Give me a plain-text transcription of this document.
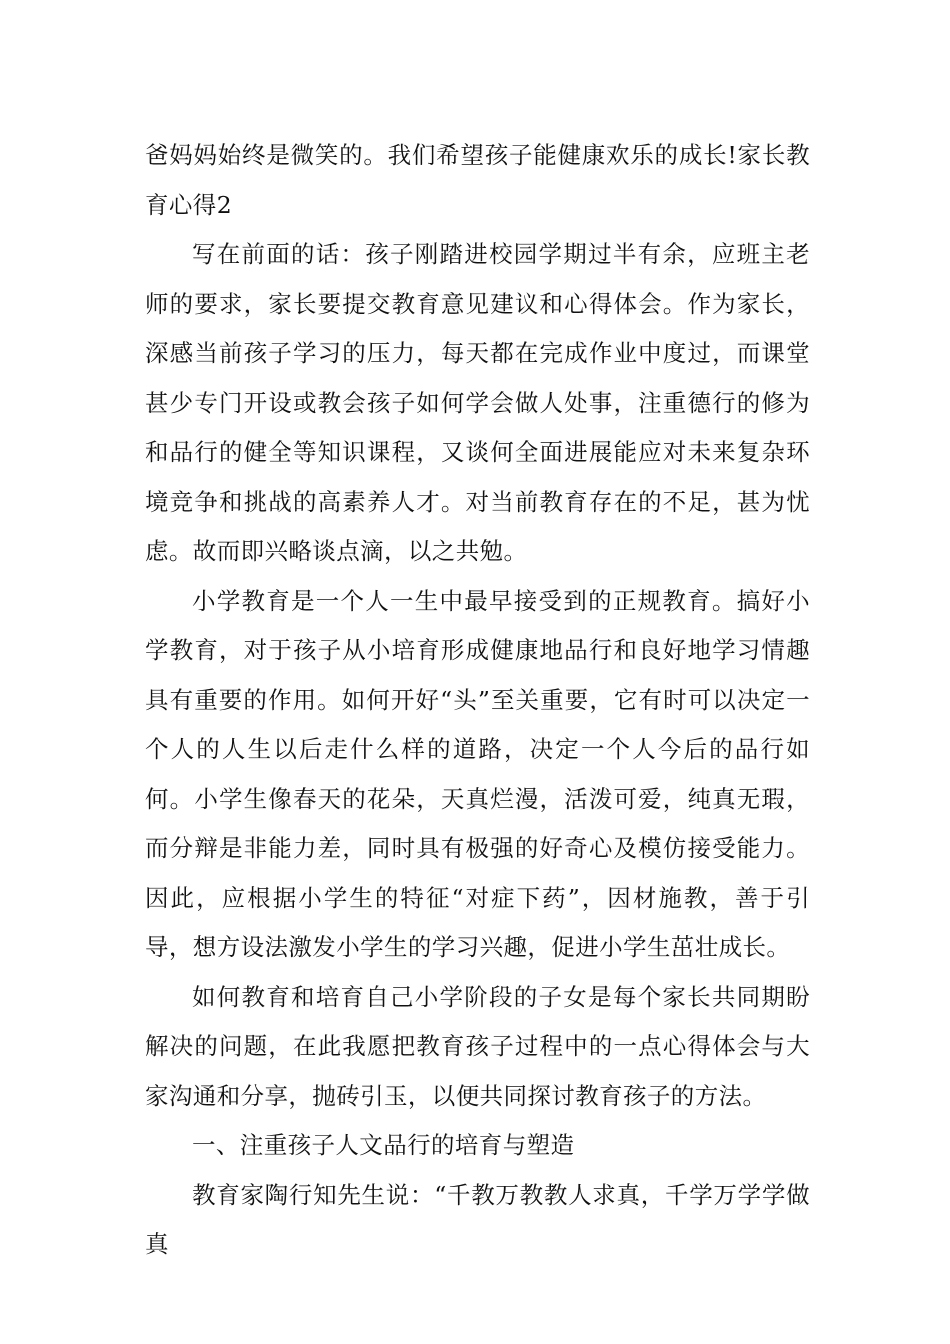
爸妈妈始终是微笑的。我们希望孩子能健康欢乐的成长!家长教育心得2

写在前面的话：孩子刚踏进校园学期过半有余，应班主老师的要求，家长要提交教育意见建议和心得体会。作为家长，深感当前孩子学习的压力，每天都在完成作业中度过，而课堂甚少专门开设或教会孩子如何学会做人处事，注重德行的修为和品行的健全等知识课程，又谈何全面进展能应对未来复杂环境竞争和挑战的高素养人才。对当前教育存在的不足，甚为忧虑。故而即兴略谈点滴，以之共勉。

小学教育是一个人一生中最早接受到的正规教育。搞好小学教育，对于孩子从小培育形成健康地品行和良好地学习情趣具有重要的作用。如何开好“头”至关重要，它有时可以决定一个人的人生以后走什么样的道路，决定一个人今后的品行如何。小学生像春天的花朵，天真烂漫，活泼可爱，纯真无瑕，而分辩是非能力差，同时具有极强的好奇心及模仿接受能力。因此，应根据小学生的特征“对症下药”，因材施教，善于引导，想方设法激发小学生的学习兴趣，促进小学生茁壮成长。

如何教育和培育自己小学阶段的子女是每个家长共同期盼解决的问题，在此我愿把教育孩子过程中的一点心得体会与大家沟通和分享，抛砖引玉，以便共同探讨教育孩子的方法。

一、注重孩子人文品行的培育与塑造

教育家陶行知先生说：“千教万教教人求真，千学万学学做真
